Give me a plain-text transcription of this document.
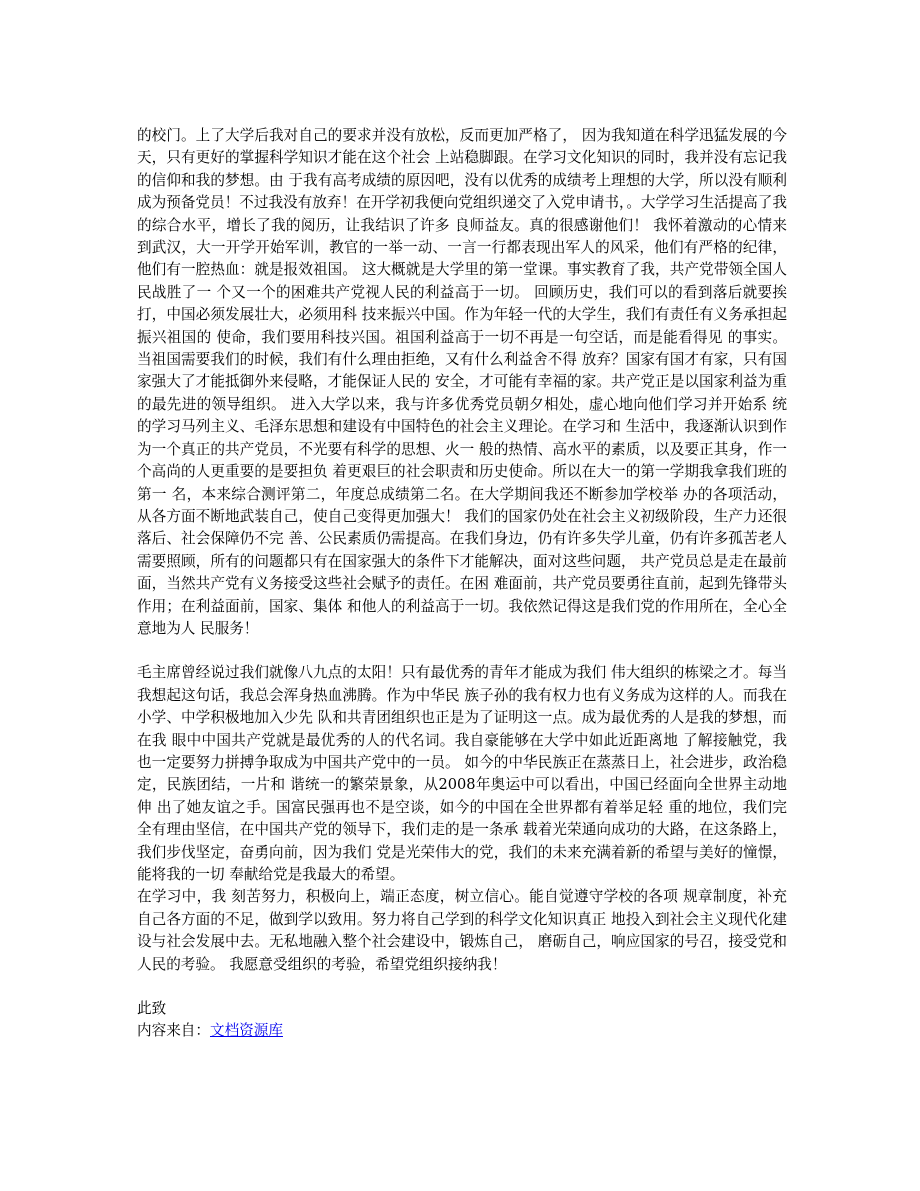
的校门。上了大学后我对自己的要求并没有放松，反而更加严格了， 因为我知道在科学迅猛发展的今天，只有更好的掌握科学知识才能在这个社会 上站稳脚跟。在学习文化知识的同时，我并没有忘记我的信仰和我的梦想。由 于我有高考成绩的原因吧，没有以优秀的成绩考上理想的大学，所以没有顺利 成为预备党员！不过我没有放弃！在开学初我便向党组织递交了入党申请书，。大学学习生活提高了我的综合水平，增长了我的阅历，让我结识了许多 良师益友。真的很感谢他们！ 我怀着激动的心情来到武汉，大一开学开始军训，教官的一举一动、一言一行都表现出军人的风采，他们有严格的纪律，他们有一腔热血：就是报效祖国。 这大概就是大学里的第一堂课。事实教育了我，共产党带领全国人民战胜了一 个又一个的困难共产党视人民的利益高于一切。 回顾历史，我们可以的看到落后就要挨打，中国必须发展壮大，必须用科 技来振兴中国。作为年轻一代的大学生，我们有责任有义务承担起振兴祖国的 使命，我们要用科技兴国。祖国利益高于一切不再是一句空话，而是能看得见 的事实。当祖国需要我们的时候，我们有什么理由拒绝，又有什么利益舍不得 放弃？国家有国才有家，只有国家强大了才能抵御外来侵略，才能保证人民的 安全，才可能有幸福的家。共产党正是以国家利益为重的最先进的领导组织。 进入大学以来，我与许多优秀党员朝夕相处，虚心地向他们学习并开始系 统的学习马列主义、毛泽东思想和建设有中国特色的社会主义理论。在学习和 生活中，我逐渐认识到作为一个真正的共产党员，不光要有科学的思想、火一 般的热情、高水平的素质，以及要正其身，作一个高尚的人更重要的是要担负 着更艰巨的社会职责和历史使命。所以在大一的第一学期我拿我们班的第一 名，本来综合测评第二，年度总成绩第二名。在大学期间我还不断参加学校举 办的各项活动，从各方面不断地武装自己，使自己变得更加强大！ 我们的国家仍处在社会主义初级阶段，生产力还很落后、社会保障仍不完 善、公民素质仍需提高。在我们身边，仍有许多失学儿童，仍有许多孤苦老人 需要照顾，所有的问题都只有在国家强大的条件下才能解决，面对这些问题， 共产党员总是走在最前面，当然共产党有义务接受这些社会赋予的责任。在困 难面前，共产党员要勇往直前，起到先锋带头作用；在利益面前，国家、集体 和他人的利益高于一切。我依然记得这是我们党的作用所在，全心全意地为人 民服务！

毛主席曾经说过我们就像八九点的太阳！只有最优秀的青年才能成为我们 伟大组织的栋梁之才。每当我想起这句话，我总会浑身热血沸腾。作为中华民 族子孙的我有权力也有义务成为这样的人。而我在小学、中学积极地加入少先 队和共青团组织也正是为了证明这一点。成为最优秀的人是我的梦想，而在我 眼中中国共产党就是最优秀的人的代名词。我自豪能够在大学中如此近距离地 了解接触党，我也一定要努力拼搏争取成为中国共产党中的一员。 如今的中华民族正在蒸蒸日上，社会进步，政治稳定，民族团结，一片和 谐统一的繁荣景象，从2008年奥运中可以看出，中国已经面向全世界主动地伸 出了她友谊之手。国富民强再也不是空谈，如今的中国在全世界都有着举足轻 重的地位，我们完全有理由坚信，在中国共产党的领导下，我们走的是一条承 载着光荣通向成功的大路，在这条路上，我们步伐坚定，奋勇向前，因为我们 党是光荣伟大的党，我们的未来充满着新的希望与美好的憧憬，能将我的一切 奉献给党是我最大的希望。

在学习中，我 刻苦努力，积极向上，端正态度，树立信心。能自觉遵守学校的各项 规章制度，补充自己各方面的不足，做到学以致用。努力将自己学到的科学文化知识真正 地投入到社会主义现代化建设与社会发展中去。无私地融入整个社会建设中，锻炼自己， 磨砺自己，响应国家的号召，接受党和人民的考验。 我愿意受组织的考验，希望党组织接纳我！

此致

内容来自：文档资源库
